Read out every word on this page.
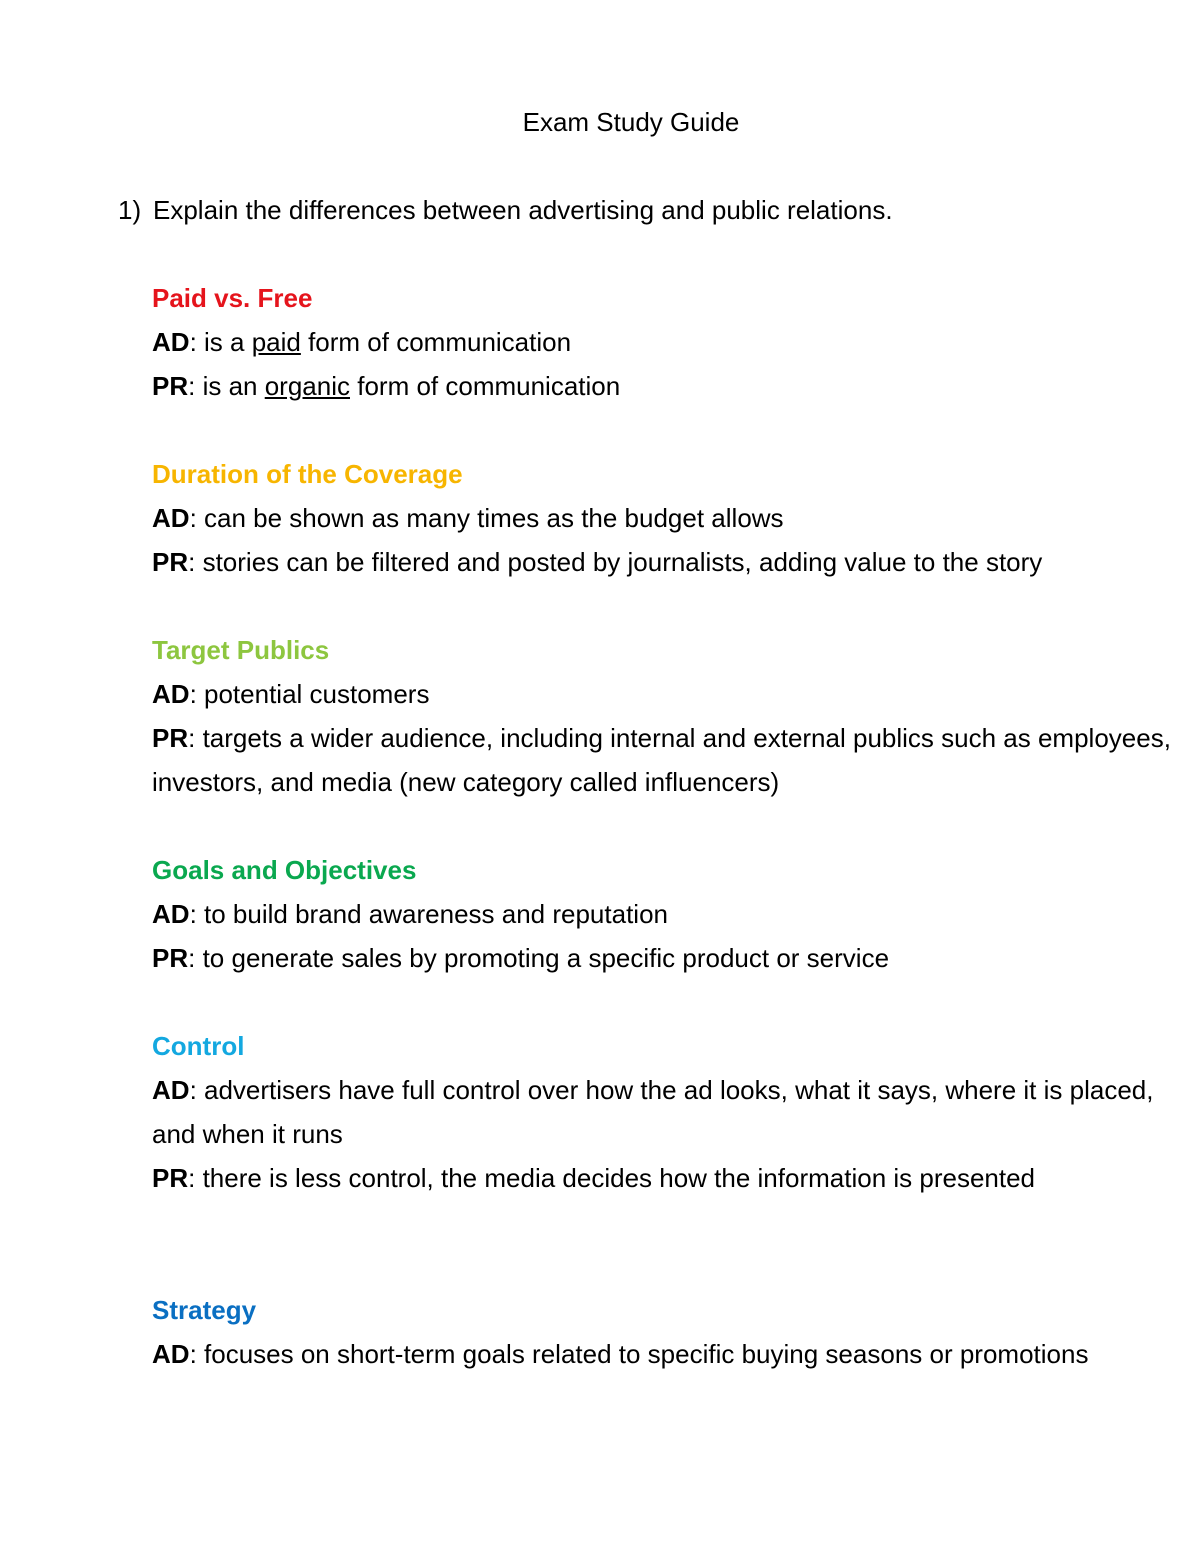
Exam Study Guide
1) Explain the differences between advertising and public relations.
Paid vs. Free

AD: is a paid form of communication

PR: is an organic form of communication

Duration of the Coverage

AD: can be shown as many times as the budget allows

PR: stories can be filtered and posted by journalists, adding value to the story

Target Publics

AD: potential customers

PR: targets a wider audience, including internal and external publics such as employees, investors, and media (new category called influencers)

Goals and Objectives

AD: to build brand awareness and reputation

PR: to generate sales by promoting a specific product or service

Control

AD: advertisers have full control over how the ad looks, what it says, where it is placed, and when it runs

PR: there is less control, the media decides how the information is presented

Strategy

AD: focuses on short-term goals related to specific buying seasons or promotions
